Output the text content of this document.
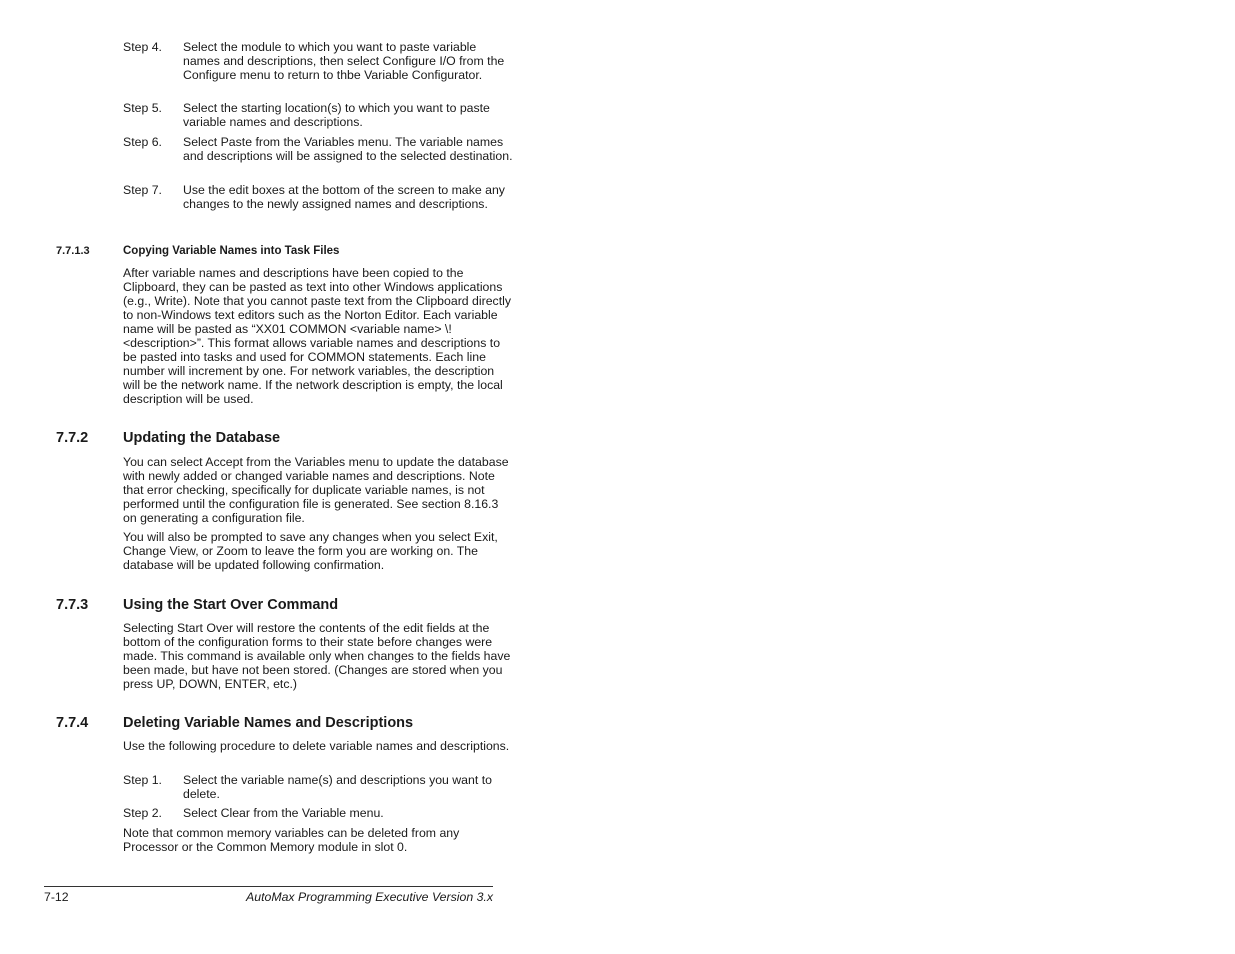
Step 4.	Select the module to which you want to paste variable names and descriptions, then select Configure I/O from the Configure menu to return to thbe Variable Configurator.
Step 5.	Select the starting location(s) to which you want to paste variable names and descriptions.
Step 6.	Select Paste from the Variables menu. The variable names and descriptions will be assigned to the selected destination.
Step 7.	Use the edit boxes at the bottom of the screen to make any changes to the newly assigned names and descriptions.
7.7.1.3	Copying Variable Names into Task Files
After variable names and descriptions have been copied to the Clipboard, they can be pasted as text into other Windows applications (e.g., Write). Note that you cannot paste text from the Clipboard directly to non-Windows text editors such as the Norton Editor. Each variable name will be pasted as “XX01 COMMON <variable name> \! <description>”. This format allows variable names and descriptions to be pasted into tasks and used for COMMON statements. Each line number will increment by one. For network variables, the description will be the network name. If the network description is empty, the local description will be used.
7.7.2 Updating the Database
You can select Accept from the Variables menu to update the database with newly added or changed variable names and descriptions. Note that error checking, specifically for duplicate variable names, is not performed until the configuration file is generated. See section 8.16.3 on generating a configuration file.
You will also be prompted to save any changes when you select Exit, Change View, or Zoom to leave the form you are working on. The database will be updated following confirmation.
7.7.3 Using the Start Over Command
Selecting Start Over will restore the contents of the edit fields at the bottom of the configuration forms to their state before changes were made. This command is available only when changes to the fields have been made, but have not been stored. (Changes are stored when you press UP, DOWN, ENTER, etc.)
7.7.4 Deleting Variable Names and Descriptions
Use the following procedure to delete variable names and descriptions.
Step 1.	Select the variable name(s) and descriptions you want to delete.
Step 2.	Select Clear from the Variable menu.
Note that common memory variables can be deleted from any Processor or the Common Memory module in slot 0.
7-12	AutoMax Programming Executive Version 3.x
